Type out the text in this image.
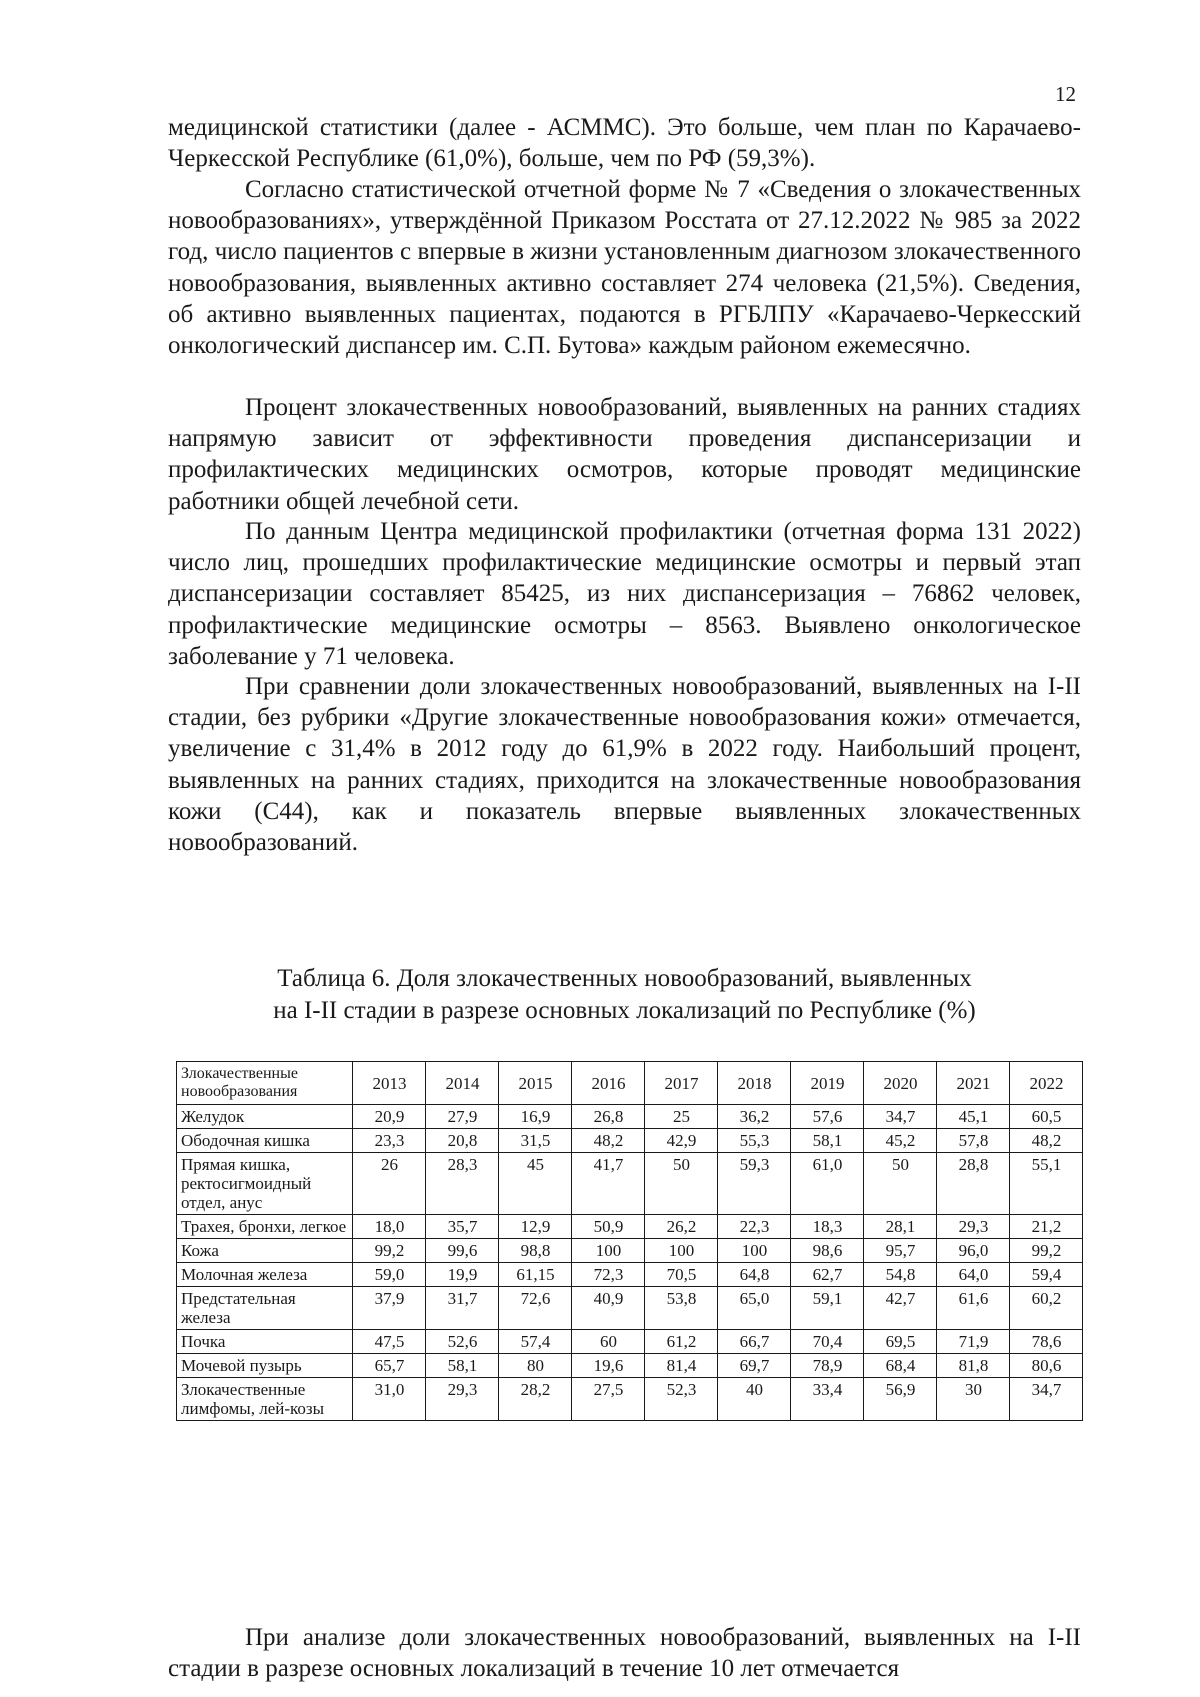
12

медицинской статистики (далее - АСММС). Это больше, чем план по Карачаево-Черкесской Республике (61,0%), больше, чем по РФ (59,3%).

Согласно статистической отчетной форме № 7 «Сведения о злокачественных новообразованиях», утверждённой Приказом Росстата от 27.12.2022 № 985 за 2022 год, число пациентов с впервые в жизни установленным диагнозом злокачественного новообразования, выявленных активно составляет 274 человека (21,5%). Сведения, об активно выявленных пациентах, подаются в РГБЛПУ «Карачаево-Черкесский онкологический диспансер им. С.П. Бутова» каждым районом ежемесячно.

Процент злокачественных новообразований, выявленных на ранних стадиях напрямую зависит от эффективности проведения диспансеризации и профилактических медицинских осмотров, которые проводят медицинские работники общей лечебной сети.

По данным Центра медицинской профилактики (отчетная форма 131 2022) число лиц, прошедших профилактические медицинские осмотры и первый этап диспансеризации составляет 85425, из них диспансеризация – 76862 человек, профилактические медицинские осмотры – 8563. Выявлено онкологическое заболевание у 71 человека.

При сравнении доли злокачественных новообразований, выявленных на I-II стадии, без рубрики «Другие злокачественные новообразования кожи» отмечается, увеличение с 31,4% в 2012 году до 61,9% в 2022 году. Наибольший процент, выявленных на ранних стадиях, приходится на злокачественные новообразования кожи (С44), как и показатель впервые выявленных злокачественных новообразований.

Таблица 6. Доля злокачественных новообразований, выявленных
на I-II стадии в разрезе основных локализаций по Республике (%)
Злокачественные новообразования	2013	2014	2015	2016	2017	2018	2019	2020	2021	2022
Желудок	20,9	27,9	16,9	26,8	25	36,2	57,6	34,7	45,1	60,5
Ободочная кишка	23,3	20,8	31,5	48,2	42,9	55,3	58,1	45,2	57,8	48,2
Прямая кишка, ректосигмоидный отдел, анус	26	28,3	45	41,7	50	59,3	61,0	50	28,8	55,1
Трахея, бронхи, легкое	18,0	35,7	12,9	50,9	26,2	22,3	18,3	28,1	29,3	21,2
Кожа	99,2	99,6	98,8	100	100	100	98,6	95,7	96,0	99,2
Молочная железа	59,0	19,9	61,15	72,3	70,5	64,8	62,7	54,8	64,0	59,4
Предстательная железа	37,9	31,7	72,6	40,9	53,8	65,0	59,1	42,7	61,6	60,2
Почка	47,5	52,6	57,4	60	61,2	66,7	70,4	69,5	71,9	78,6
Мочевой пузырь	65,7	58,1	80	19,6	81,4	69,7	78,9	68,4	81,8	80,6
Злокачественные лимфомы, лей-козы	31,0	29,3	28,2	27,5	52,3	40	33,4	56,9	30	34,7

При анализе доли злокачественных новообразований, выявленных на I-II стадии в разрезе основных локализаций в течение 10 лет отмечается
